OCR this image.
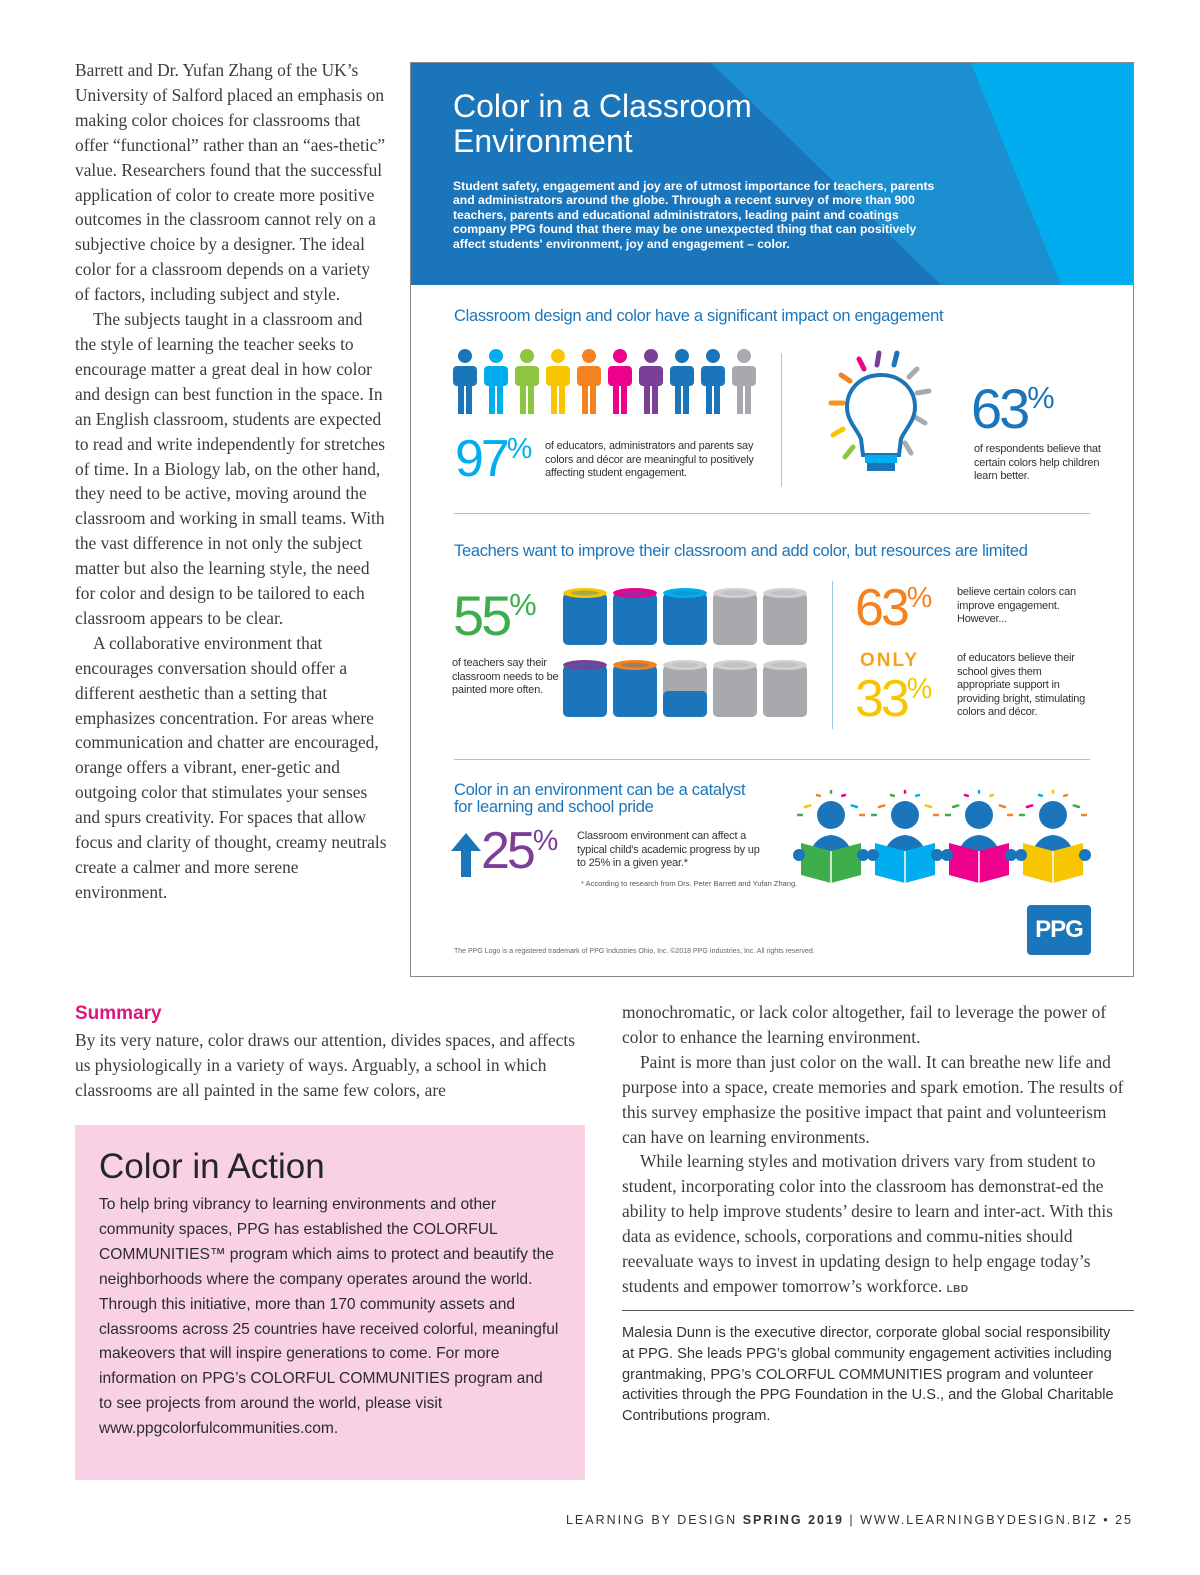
Barrett and Dr. Yufan Zhang of the UK’s University of Salford placed an emphasis on making color choices for classrooms that offer “functional” rather than an “aes-thetic” value. Researchers found that the successful application of color to create more positive outcomes in the classroom cannot rely on a subjective choice by a designer. The ideal color for a classroom depends on a variety of factors, including subject and style.

The subjects taught in a classroom and the style of learning the teacher seeks to encourage matter a great deal in how color and design can best function in the space. In an English classroom, students are expected to read and write independently for stretches of time. In a Biology lab, on the other hand, they need to be active, moving around the classroom and working in small teams. With the vast difference in not only the subject matter but also the learning style, the need for color and design to be tailored to each classroom appears to be clear.

A collaborative environment that encourages conversation should offer a different aesthetic than a setting that emphasizes concentration. For areas where communication and chatter are encouraged, orange offers a vibrant, ener-getic and outgoing color that stimulates your senses and spurs creativity. For spaces that allow focus and clarity of thought, creamy neutrals create a calmer and more serene environment.

Color in a Classroom Environment
Student safety, engagement and joy are of utmost importance for teachers, parents and administrators around the globe. Through a recent survey of more than 900 teachers, parents and educational administrators, leading paint and coatings company PPG found that there may be one unexpected thing that can positively affect students' environment, joy and engagement – color.
Classroom design and color have a significant impact on engagement
97% of educators, administrators and parents say colors and décor are meaningful to positively affecting student engagement.
63%
of respondents believe that certain colors help children learn better.
Teachers want to improve their classroom and add color, but resources are limited
55%
of teachers say their classroom needs to be painted more often.
63% believe certain colors can improve engagement. However...
ONLY
33%
of educators believe their school gives them appropriate support in providing bright, stimulating colors and décor.
Color in an environment can be a catalyst
for learning and school pride
25% Classroom environment can affect a typical child's academic progress by up to 25% in a given year.*
* According to research from Drs. Peter Barrett and Yufan Zhang.
PPG
The PPG Logo is a registered trademark of PPG Industries Ohio, Inc. ©2018 PPG Industries, Inc. All rights reserved.
Summary

By its very nature, color draws our attention, divides spaces, and affects us physiologically in a variety of ways. Arguably, a school in which classrooms are all painted in the same few colors, are

monochromatic, or lack color altogether, fail to leverage the power of color to enhance the learning environment.

Paint is more than just color on the wall. It can breathe new life and purpose into a space, create memories and spark emotion. The results of this survey emphasize the positive impact that paint and volunteerism can have on learning environments.

While learning styles and motivation drivers vary from student to student, incorporating color into the classroom has demonstrat-ed the ability to help improve students’ desire to learn and inter-act. With this data as evidence, schools, corporations and commu-nities should reevaluate ways to invest in updating design to help engage today’s students and empower tomorrow’s workforce. LBD

Color in Action
To help bring vibrancy to learning environments and other community spaces, PPG has established the COLORFUL COMMUNITIES™ program which aims to protect and beautify the neighborhoods where the company operates around the world. Through this initiative, more than 170 community assets and classrooms across 25 countries have received colorful, meaningful makeovers that will inspire generations to come. For more information on PPG’s COLORFUL COMMUNITIES program and to see projects from around the world, please visit www.ppgcolorfulcommunities.com.
Malesia Dunn is the executive director, corporate global social responsibility at PPG. She leads PPG’s global community engagement activities including grantmaking, PPG’s COLORFUL COMMUNITIES program and volunteer activities through the PPG Foundation in the U.S., and the Global Charitable Contributions program.
LEARNING BY DESIGN SPRING 2019 | WWW.LEARNINGBYDESIGN.BIZ • 25
